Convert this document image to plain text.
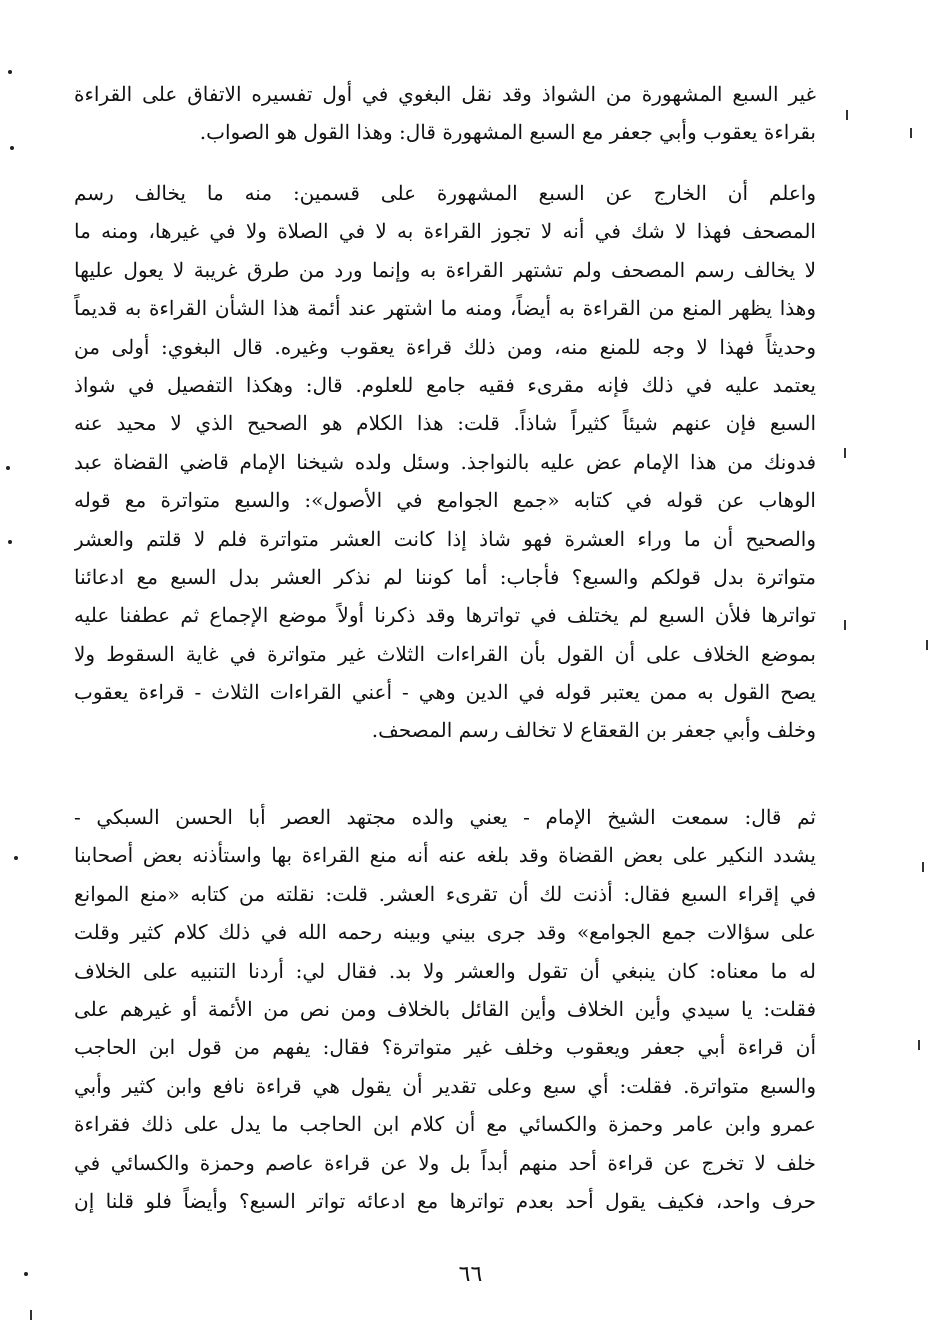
غير السبع المشهورة من الشواذ وقد نقل البغوي في أول تفسيره الاتفاق على القراءة
بقراءة يعقوب وأبي جعفر مع السبع المشهورة قال: وهذا القول هو الصواب.
واعلم أن الخارج عن السبع المشهورة على قسمين: منه ما يخالف رسم
المصحف فهذا لا شك في أنه لا تجوز القراءة به لا في الصلاة ولا في غيرها، ومنه ما
لا يخالف رسم المصحف ولم تشتهر القراءة به وإنما ورد من طرق غريبة لا يعول عليها
وهذا يظهر المنع من القراءة به أيضاً، ومنه ما اشتهر عند أئمة هذا الشأن القراءة به قديماً
وحديثاً فهذا لا وجه للمنع منه، ومن ذلك قراءة يعقوب وغيره. قال البغوي: أولى من
يعتمد عليه في ذلك فإنه مقرىء فقيه جامع للعلوم. قال: وهكذا التفصيل في شواذ
السبع فإن عنهم شيئاً كثيراً شاذاً. قلت: هذا الكلام هو الصحيح الذي لا محيد عنه
فدونك من هذا الإمام عض عليه بالنواجذ. وسئل ولده شيخنا الإمام قاضي القضاة عبد
الوهاب عن قوله في كتابه «جمع الجوامع في الأصول»: والسبع متواترة مع قوله
والصحيح أن ما وراء العشرة فهو شاذ إذا كانت العشر متواترة فلم لا قلتم والعشر
متواترة بدل قولكم والسبع؟ فأجاب: أما كوننا لم نذكر العشر بدل السبع مع ادعائنا
تواترها فلأن السبع لم يختلف في تواترها وقد ذكرنا أولاً موضع الإجماع ثم عطفنا عليه
بموضع الخلاف على أن القول بأن القراءات الثلاث غير متواترة في غاية السقوط ولا
يصح القول به ممن يعتبر قوله في الدين وهي - أعني القراءات الثلاث - قراءة يعقوب
وخلف وأبي جعفر بن القعقاع لا تخالف رسم المصحف.
ثم قال: سمعت الشيخ الإمام - يعني والده مجتهد العصر أبا الحسن السبكي -
يشدد النكير على بعض القضاة وقد بلغه عنه أنه منع القراءة بها واستأذنه بعض أصحابنا
في إقراء السبع فقال: أذنت لك أن تقرىء العشر. قلت: نقلته من كتابه «منع الموانع
على سؤالات جمع الجوامع» وقد جرى بيني وبينه رحمه الله في ذلك كلام كثير وقلت
له ما معناه: كان ينبغي أن تقول والعشر ولا بد. فقال لي: أردنا التنبيه على الخلاف
فقلت: يا سيدي وأين الخلاف وأين القائل بالخلاف ومن نص من الأئمة أو غيرهم على
أن قراءة أبي جعفر ويعقوب وخلف غير متواترة؟ فقال: يفهم من قول ابن الحاجب
والسبع متواترة. فقلت: أي سبع وعلى تقدير أن يقول هي قراءة نافع وابن كثير وأبي
عمرو وابن عامر وحمزة والكسائي مع أن كلام ابن الحاجب ما يدل على ذلك فقراءة
خلف لا تخرج عن قراءة أحد منهم أبداً بل ولا عن قراءة عاصم وحمزة والكسائي في
حرف واحد، فكيف يقول أحد بعدم تواترها مع ادعائه تواتر السبع؟ وأيضاً فلو قلنا إن
٦٦
